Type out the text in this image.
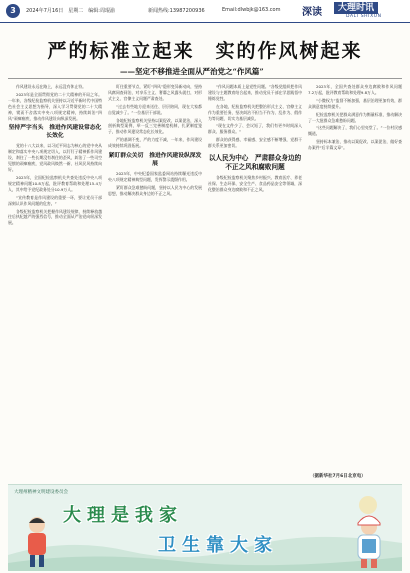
3	2024年7月16日　星期二　编辑:周琨渝	新闻热线:13987200936	Email:dlwbjk@163.com 深读	大理时讯
DALI SHIXUN
严的标准立起来　实的作风树起来
——坚定不移推进全面从严治党之“作风篇”

作风建设永远在路上，永远没有休止符。

2023年是全面贯彻党的二十大精神的开局之年。一年来，各级纪检监察机关坚持以习近平新时代中国特色社会主义思想为指导，深入学习贯彻党的二十大精神，锲而不舍落实中央八项规定精神，持续纠治“四风”顽瘴痼疾，推动作风建设向纵深发展。

坚持严字当头　推进作风建设常态化长效化

党的十八大以来，以习近平同志为核心的党中央从制定和落实中央八项规定切入，以钉钉子精神抓作风建设，刹住了一些长期没有刹住的歪风，纠治了一些司空见惯的顽瘴痼疾，党风政风焕然一新、社风民风持续向好。

2023年，全国纪检监察机关共查处违反中央八项规定精神问题10.8万起，批评教育帮助和处理15.4万人，其中给予党纪政务处分10.9万人。

“宣传教育是作风建设的重要一环，要让党员干部深刻认识作风问题的危害。”

各级纪检监察机关把握作风建设规律，持续释放越往后执纪越严的强烈信号，推动全面从严治党向纵深发展。

盯住重要节点，紧盯“四风”隐形变异新动向，坚持风腐同查同治，对享乐主义、奢靡之风露头就打，对形式主义、官僚主义问题严肃查处。

“过去有些地方迎来送往、层层陪同，现在大家都自觉减少了。”一位基层干部说。

各地纪检监察机关坚持以案促改、以案促治，深入剖析典型案例，举一反三完善制度机制，扎紧制度笼子，推动作风建设常态化长效化。

严的基调不变，严的力度不减，一年来，作风建设成效持续巩固拓展。

紧盯群众关切　推进作风建设纵深发展

2023年，中央纪委国家监委网站持续曝光违反中央八项规定精神典型问题，发挥警示震慑作用。

紧盯群众急难愁盼问题，坚持以人民为中心的发展思想，推动解决群众身边的不正之风。

“作风问题本质上是党性问题。”各级党组织把作风建设与主题教育结合起来，推动党员干部在学思践悟中锤炼党性。

在各地，纪检监察机关把整治形式主义、官僚主义作为重要任务，坚决纠治不担当不作为、乱作为、假作为等问题，切实为基层减负。

“现在文件少了、会议短了，我们有更多时间深入群众、服务群众。”

群众的获得感、幸福感、安全感不断增强，党群干群关系更加密切。

以人民为中心　严肃群众身边的不正之风和腐败问题

各级纪检监察机关聚焦乡村振兴、教育医疗、养老社保、生态环保、安全生产、食品药品安全等领域，深化整治群众身边腐败和不正之风。

2023年，全国共查处群众身边腐败和作风问题7.2万起，批评教育帮助和处理9.8万人。

“小微权力”监督不断加强，基层治理更加有效，群众满意度持续提升。

纪检监察机关把群众满意作为衡量标准，推动解决了一大批群众急难愁盼问题。

“这些问题解决了，我们心里亮堂了。”一位村民感慨道。

坚持标本兼治，推动以案促改、以案促治，做好查办案件“后半篇文章”。

（据新华社7月6日北京电）
大理州精神文明建设委员会
大理是我家
卫生靠大家
